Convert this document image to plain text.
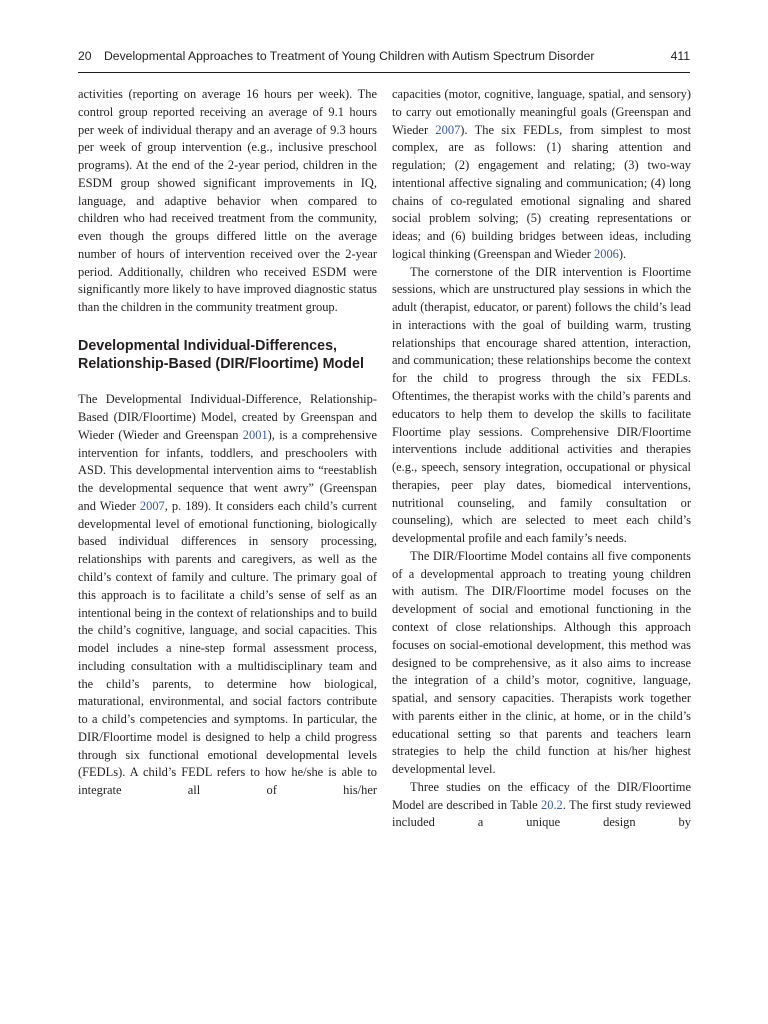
20 Developmental Approaches to Treatment of Young Children with Autism Spectrum Disorder	411

activities (reporting on average 16 hours per week). The control group reported receiving an average of 9.1 hours per week of individual therapy and an average of 9.3 hours per week of group intervention (e.g., inclusive preschool programs). At the end of the 2-year period, children in the ESDM group showed significant improvements in IQ, language, and adaptive behavior when compared to children who had received treatment from the community, even though the groups differed little on the average number of hours of intervention received over the 2-year period. Additionally, children who received ESDM were significantly more likely to have improved diagnostic status than the children in the community treatment group.

Developmental Individual-Differences, Relationship-Based (DIR/Floortime) Model

The Developmental Individual-Difference, Relationship-Based (DIR/Floortime) Model, created by Greenspan and Wieder (Wieder and Greenspan 2001), is a comprehensive intervention for infants, toddlers, and preschoolers with ASD. This developmental intervention aims to “reestablish the developmental sequence that went awry” (Greenspan and Wieder 2007, p. 189). It considers each child’s current developmental level of emotional functioning, biologically based individual differences in sensory processing, relationships with parents and caregivers, as well as the child’s context of family and culture. The primary goal of this approach is to facilitate a child’s sense of self as an intentional being in the context of relationships and to build the child’s cognitive, language, and social capacities. This model includes a nine-step formal assessment process, including consultation with a multidisciplinary team and the child’s parents, to determine how biological, maturational, environmental, and social factors contribute to a child’s competencies and symptoms. In particular, the DIR/Floortime model is designed to help a child progress through six functional emotional developmental levels (FEDLs). A child’s FEDL refers to how he/she is able to integrate all of his/her

capacities (motor, cognitive, language, spatial, and sensory) to carry out emotionally meaningful goals (Greenspan and Wieder 2007). The six FEDLs, from simplest to most complex, are as follows: (1) sharing attention and regulation; (2) engagement and relating; (3) two-way intentional affective signaling and communication; (4) long chains of co-regulated emotional signaling and shared social problem solving; (5) creating representations or ideas; and (6) building bridges between ideas, including logical thinking (Greenspan and Wieder 2006).

The cornerstone of the DIR intervention is Floortime sessions, which are unstructured play sessions in which the adult (therapist, educator, or parent) follows the child’s lead in interactions with the goal of building warm, trusting relationships that encourage shared attention, interaction, and communication; these relationships become the context for the child to progress through the six FEDLs. Oftentimes, the therapist works with the child’s parents and educators to help them to develop the skills to facilitate Floortime play sessions. Comprehensive DIR/Floortime interventions include additional activities and therapies (e.g., speech, sensory integration, occupational or physical therapies, peer play dates, biomedical interventions, nutritional counseling, and family consultation or counseling), which are selected to meet each child’s developmental profile and each family’s needs.

The DIR/Floortime Model contains all five components of a developmental approach to treating young children with autism. The DIR/Floortime model focuses on the development of social and emotional functioning in the context of close relationships. Although this approach focuses on social-emotional development, this method was designed to be comprehensive, as it also aims to increase the integration of a child’s motor, cognitive, language, spatial, and sensory capacities. Therapists work together with parents either in the clinic, at home, or in the child’s educational setting so that parents and teachers learn strategies to help the child function at his/her highest developmental level.

Three studies on the efficacy of the DIR/Floortime Model are described in Table 20.2. The first study reviewed included a unique design by
